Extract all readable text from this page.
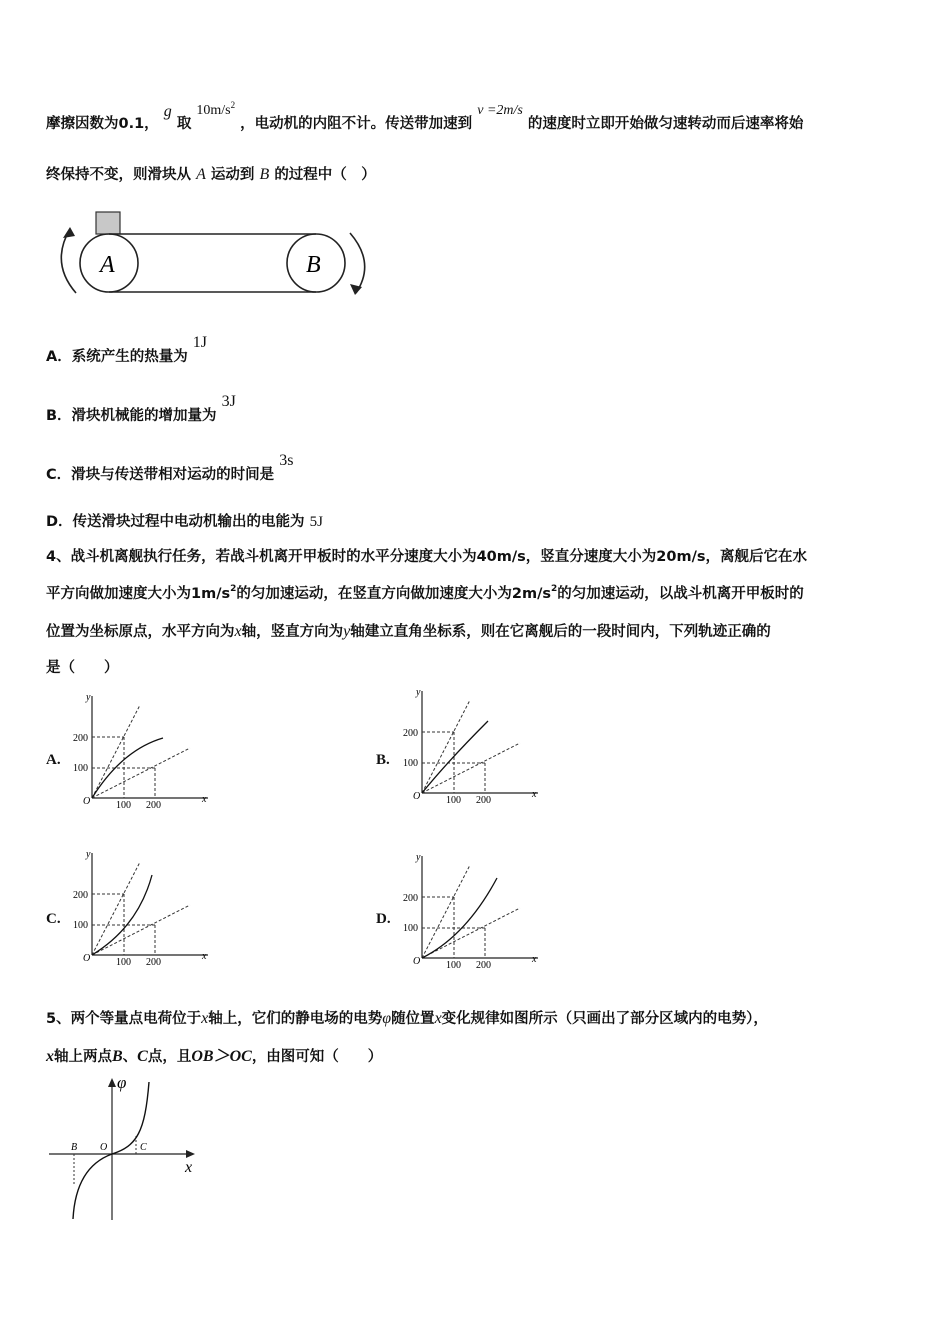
摩擦因数为0.1， g 取 $10m/s^2$ ，电动机的内阻不计。传送带加速到 v =2m/s 的速度时立即开始做匀速转动而后速率将始
终保持不变，则滑块从 A 运动到 B 的过程中（　）
A	B
A．系统产生的热量为 1J
B．滑块机械能的增加量为 3J
C．滑块与传送带相对运动的时间是 3s
D．传送滑块过程中电动机输出的电能为 5J
4、战斗机离舰执行任务，若战斗机离开甲板时的水平分速度大小为40m/s，竖直分速度大小为20m/s，离舰后它在水
平方向做加速度大小为$1m/s^2$的匀加速运动，在竖直方向做加速度大小为$2m/s^2$的匀加速运动，以战斗机离开甲板时的
位置为坐标原点，水平方向为x轴，竖直方向为y轴建立直角坐标系，则在它离舰后的一段时间内，下列轨迹正确的
是（　　）
A.	B.
C.	D.
y
x
O
200
100
100 200
y
x
O
200
100
100 200
y
x
O
200
100
100 200
y
x
O
200
100
100 200
5、两个等量点电荷位于x轴上，它们的静电场的电势φ随位置x变化规律如图所示（只画出了部分区域内的电势），
x轴上两点B、C点，且OB＞OC，由图可知（　　）
φ
x
B O	C
